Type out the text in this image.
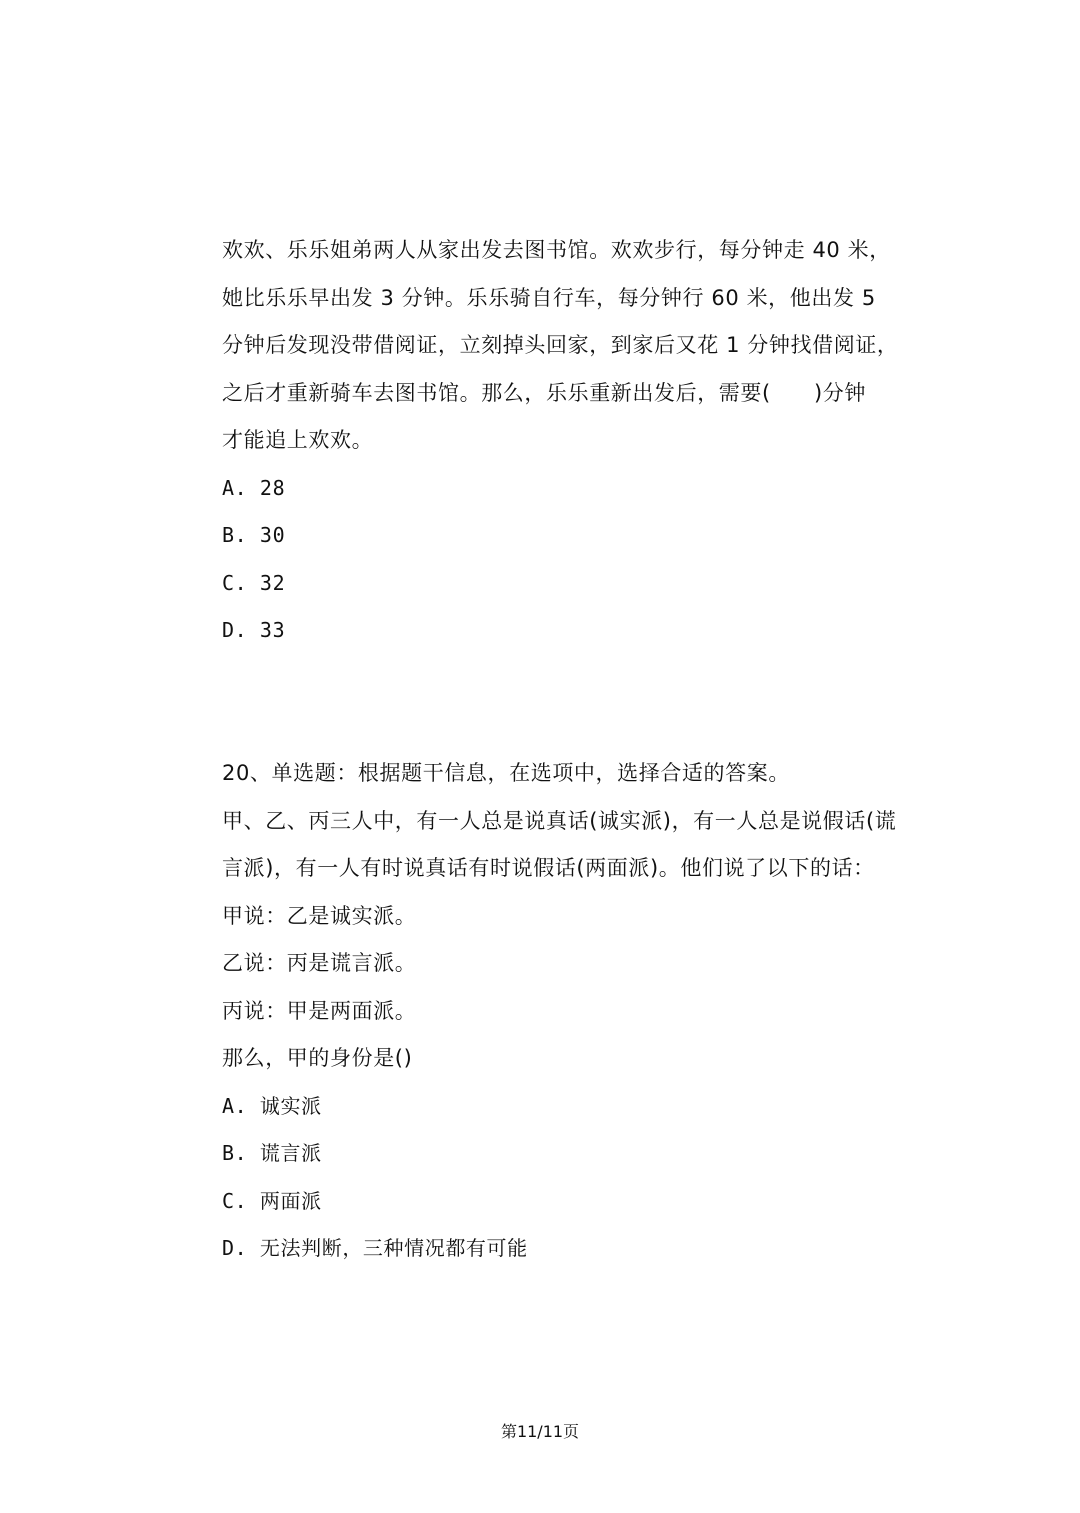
欢欢、乐乐姐弟两人从家出发去图书馆。欢欢步行，每分钟走 40 米，
她比乐乐早出发 3 分钟。乐乐骑自行车，每分钟行 60 米，他出发 5
分钟后发现没带借阅证，立刻掉头回家，到家后又花 1 分钟找借阅证，
之后才重新骑车去图书馆。那么，乐乐重新出发后，需要(　　)分钟
才能追上欢欢。
A. 28
B. 30
C. 32
D. 33
20、单选题：根据题干信息，在选项中，选择合适的答案。
甲、乙、丙三人中，有一人总是说真话(诚实派)，有一人总是说假话(谎
言派)，有一人有时说真话有时说假话(两面派)。他们说了以下的话：
甲说：乙是诚实派。
乙说：丙是谎言派。
丙说：甲是两面派。
那么，甲的身份是()
A. 诚实派
B. 谎言派
C. 两面派
D. 无法判断，三种情况都有可能
第11/11页
